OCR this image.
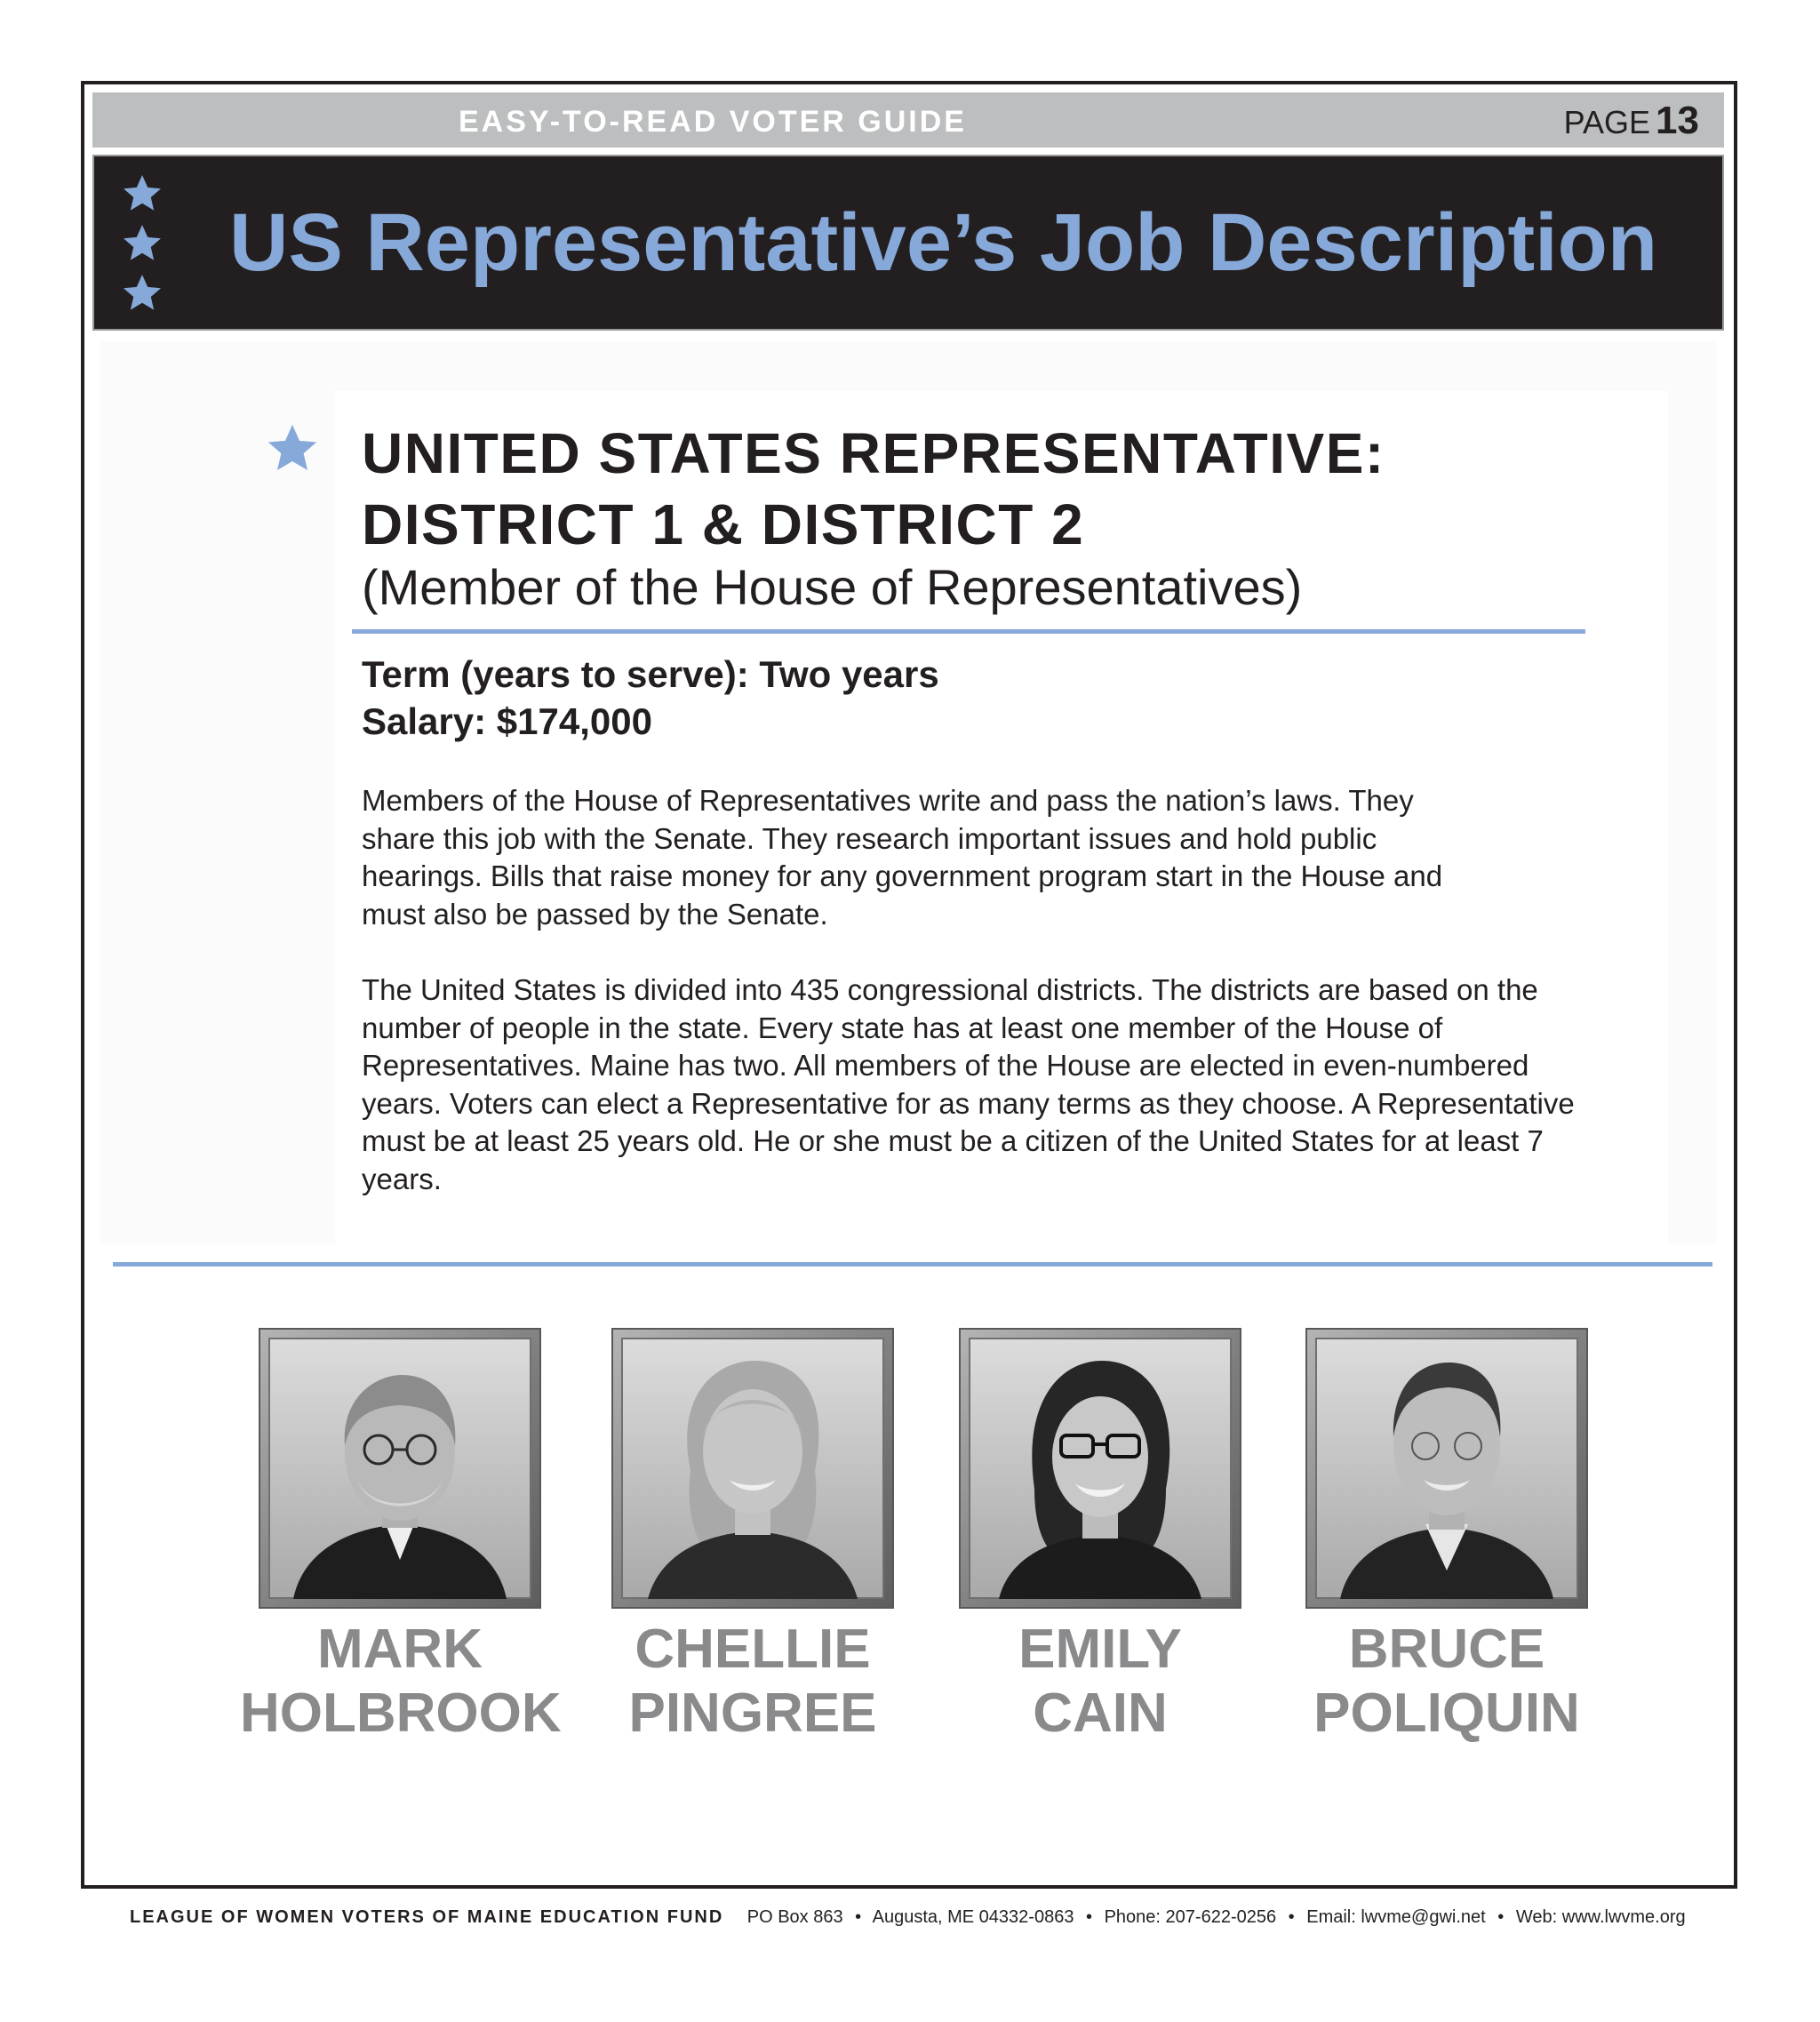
EASY-TO-READ VOTER GUIDE	PAGE 13
US Representative’s Job Description
UNITED STATES REPRESENTATIVE:
DISTRICT 1 & DISTRICT 2
(Member of the House of Representatives)
Term (years to serve): Two years
Salary: $174,000

Members of the House of Representatives write and pass the nation’s laws. They share this job with the Senate. They research important issues and hold public hearings. Bills that raise money for any government program start in the House and must also be passed by the Senate.

The United States is divided into 435 congressional districts. The districts are based on the number of people in the state. Every state has at least one member of the House of Representatives. Maine has two. All members of the House are elected in even-numbered years. Voters can elect a Representative for as many terms as they choose. A Representative must be at least 25 years old. He or she must be a citizen of the United States for at least 7 years.

MARK
HOLBROOK
CHELLIE
PINGREE
EMILY
CAIN
BRUCE
POLIQUIN
LEAGUE OF WOMEN VOTERS OF MAINE EDUCATION FUND PO Box 863 • Augusta, ME 04332-0863 • Phone: 207-622-0256 • Email: lwvme@gwi.net • Web: www.lwvme.org
